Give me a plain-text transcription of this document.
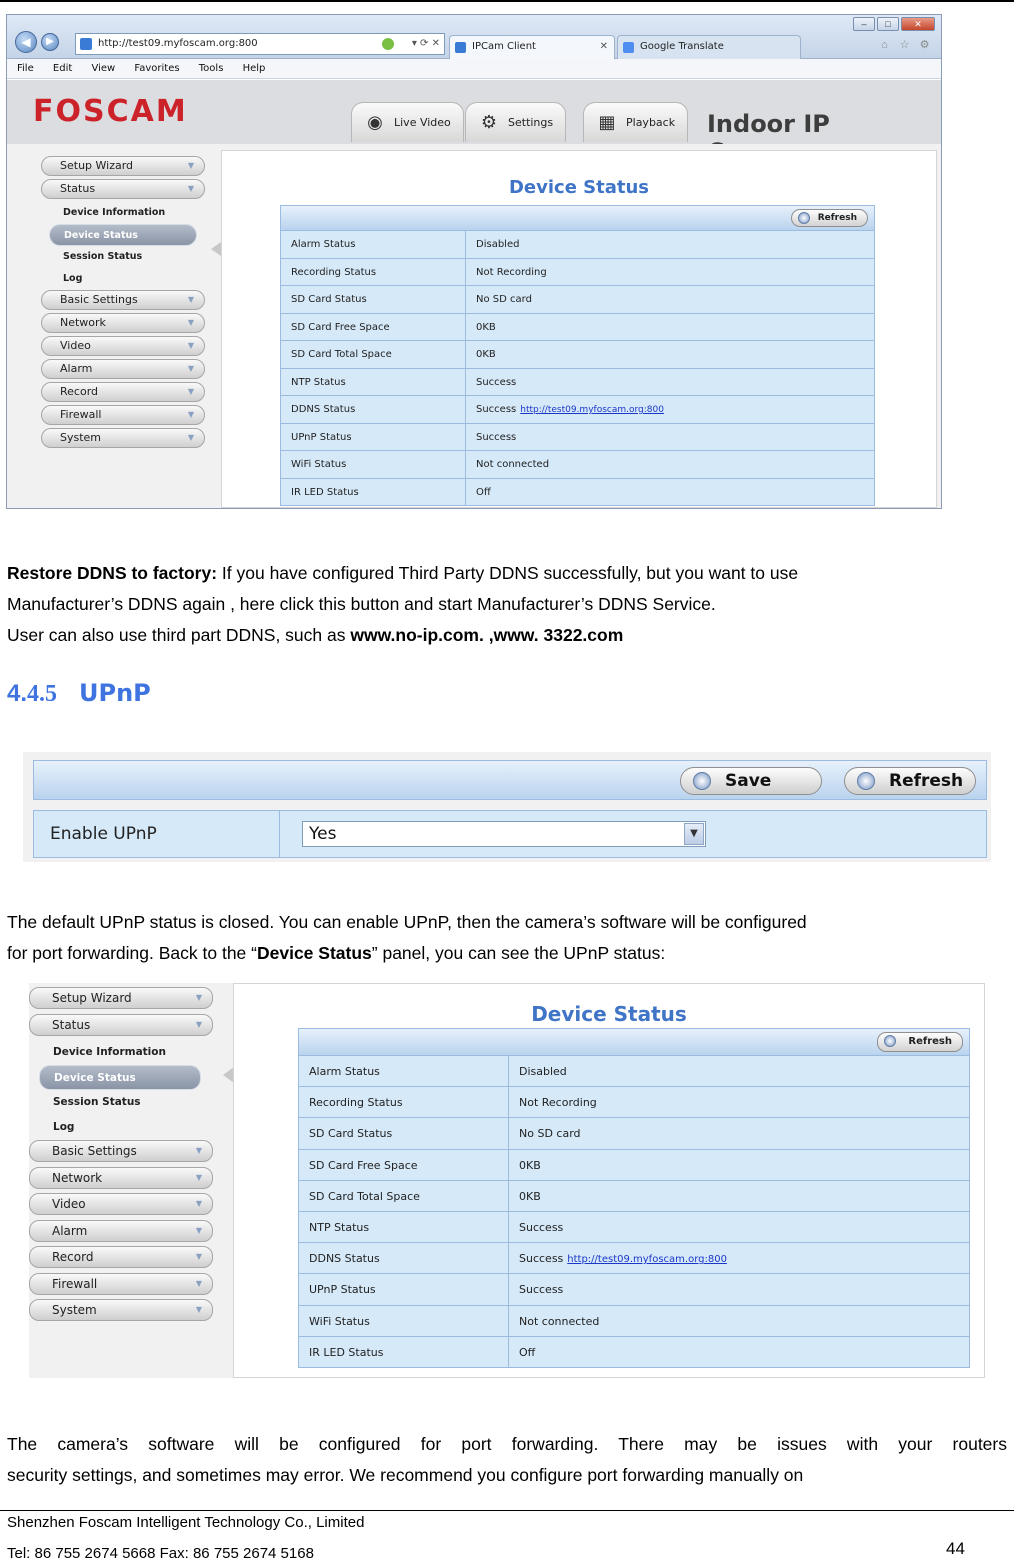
◀	▶	http://test09.myfoscam.org:800	▾ ⟳ ✕	IPCam Client	✕	Google Translate
–	□	✕
⌂ ☆ ⚙
File Edit View Favorites Tools Help
FOSCAM	◉ Live Video	⚙ Settings	▦ Playback	Indoor IP
Setup Wizard ▼
Status ▼
Device Information
Device Status
Session Status
Log
Basic Settings ▼
Network ▼
Video ▼
Alarm ▼
Record ▼
Firewall ▼
System ▼
Device Status
Refresh
Alarm Status	Disabled
Recording Status	Not Recording
SD Card Status	No SD card
SD Card Free Space	0KB
SD Card Total Space	0KB
NTP Status	Success
DDNS Status	Success http://test09.myfoscam.org:800
UPnP Status	Success
WiFi Status	Not connected
IR LED Status	Off
Restore DDNS to factory: If you have configured Third Party DDNS successfully, but you want to use
Manufacturer’s DDNS again , here click this button and start Manufacturer’s DDNS Service.
User can also use third part DDNS, such as www.no-ip.com. ,www. 3322.com
4.4.5 UPnP
Save	Refresh
Enable UPnP	Yes	▼
The default UPnP status is closed. You can enable UPnP, then the camera’s software will be configured
for port forwarding. Back to the “Device Status” panel, you can see the UPnP status:
Setup Wizard ▼
Status ▼
Device Information
Device Status
Session Status
Log
Basic Settings ▼
Network ▼
Video ▼
Alarm ▼
Record ▼
Firewall ▼
System ▼
Device Status
Refresh
Alarm Status	Disabled
Recording Status	Not Recording
SD Card Status	No SD card
SD Card Free Space	0KB
SD Card Total Space	0KB
NTP Status	Success
DDNS Status	Success http://test09.myfoscam.org:800
UPnP Status	Success
WiFi Status	Not connected
IR LED Status	Off
The camera’s software will be configured for port forwarding. There may be issues with your routers
security settings, and sometimes may error. We recommend you configure port forwarding manually on
Shenzhen Foscam Intelligent Technology Co., Limited
Tel: 86 755 2674 5668 Fax: 86 755 2674 5168	44
